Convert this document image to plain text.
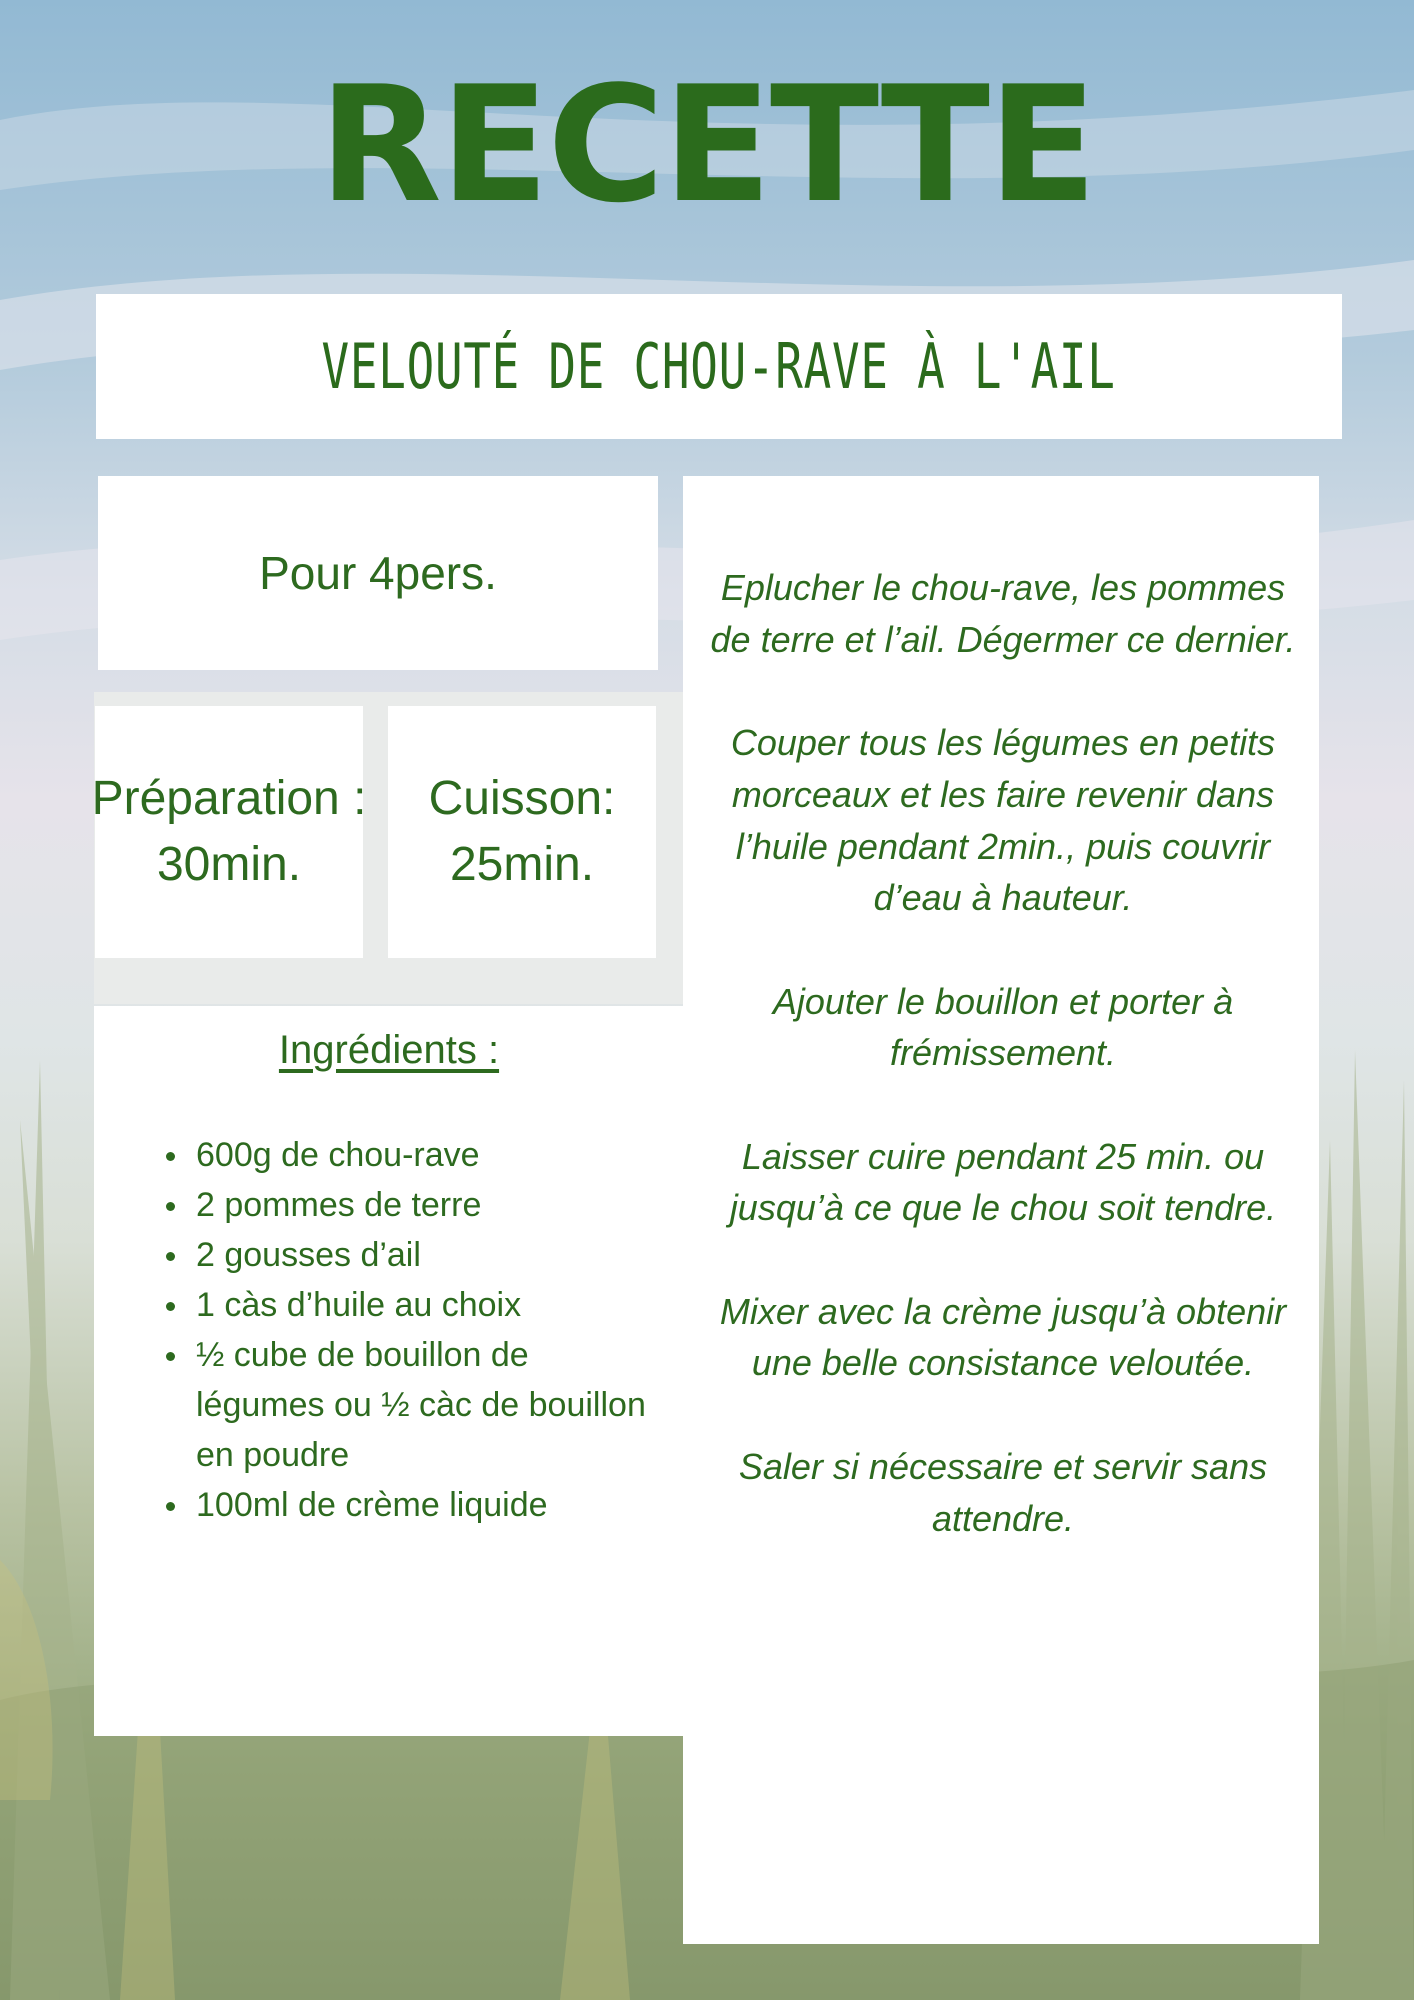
RECETTE
VELOUTÉ DE CHOU-RAVE À L'AIL
Pour 4pers.
Préparation :
30min.
Cuisson:
25min.
Ingrédients :
600g de chou-rave
2 pommes de terre
2 gousses d’ail
1 càs d’huile au choix
½ cube de bouillon de légumes ou ½ càc de bouillon en poudre
100ml de crème liquide

Eplucher le chou-rave, les pommes
de terre et l’ail. Dégermer ce dernier.

Couper tous les légumes en petits
morceaux et les faire revenir dans
l’huile pendant 2min., puis couvrir
d’eau à hauteur.

Ajouter le bouillon et porter à
frémissement.

Laisser cuire pendant 25 min. ou
jusqu’à ce que le chou soit tendre.

Mixer avec la crème jusqu’à obtenir
une belle consistance veloutée.

Saler si nécessaire et servir sans
attendre.
